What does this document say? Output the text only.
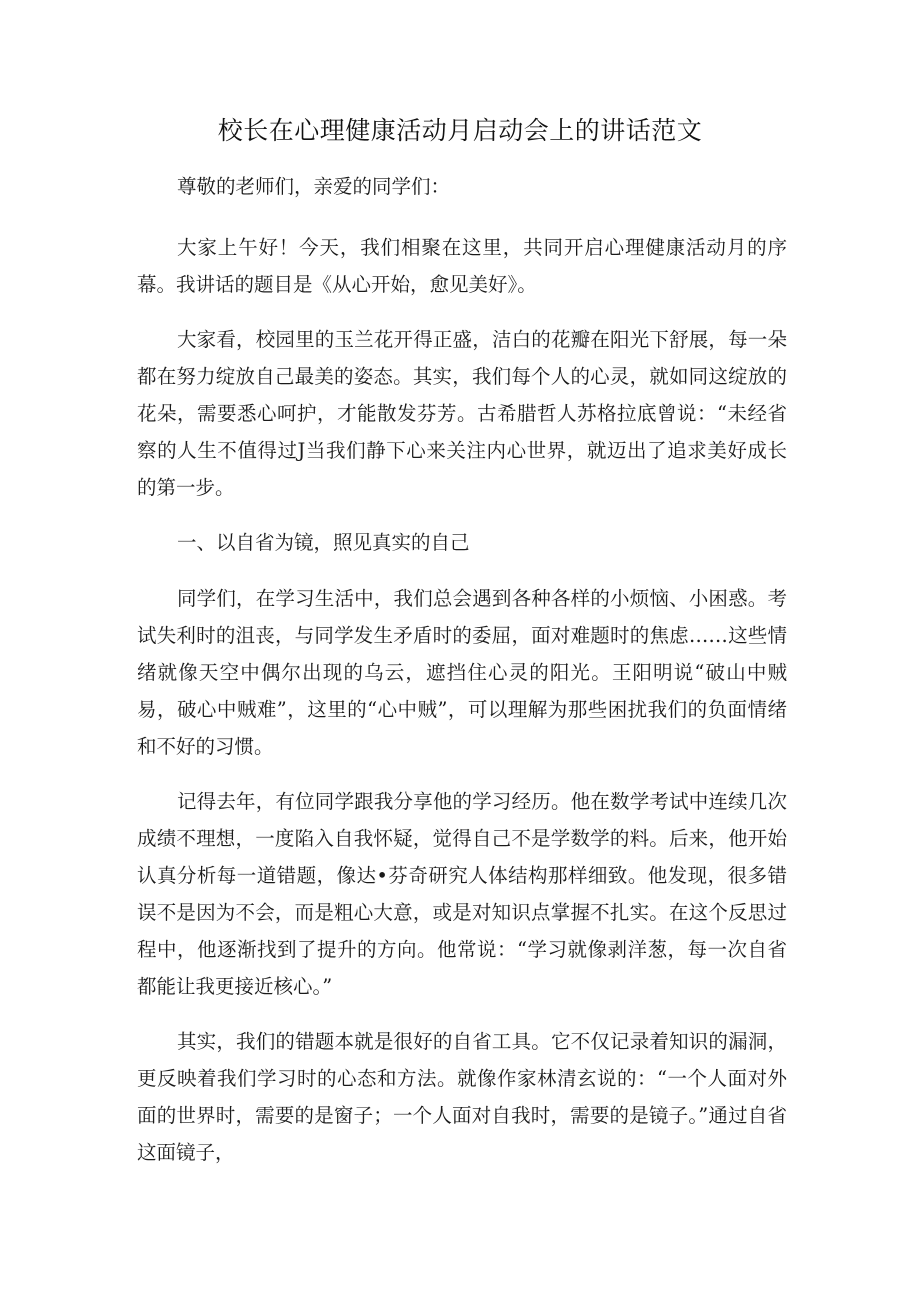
校长在心理健康活动月启动会上的讲话范文

尊敬的老师们，亲爱的同学们：

大家上午好！今天，我们相聚在这里，共同开启心理健康活动月的序幕。我讲话的题目是《从心开始，愈见美好》。

大家看，校园里的玉兰花开得正盛，洁白的花瓣在阳光下舒展，每一朵都在努力绽放自己最美的姿态。其实，我们每个人的心灵，就如同这绽放的花朵，需要悉心呵护，才能散发芬芳。古希腊哲人苏格拉底曾说：“未经省察的人生不值得过J当我们静下心来关注内心世界，就迈出了追求美好成长的第一步。

一、以自省为镜，照见真实的自己

同学们，在学习生活中，我们总会遇到各种各样的小烦恼、小困惑。考试失利时的沮丧，与同学发生矛盾时的委屈，面对难题时的焦虑……这些情绪就像天空中偶尔出现的乌云，遮挡住心灵的阳光。王阳明说“破山中贼易，破心中贼难”，这里的“心中贼”，可以理解为那些困扰我们的负面情绪和不好的习惯。

记得去年，有位同学跟我分享他的学习经历。他在数学考试中连续几次成绩不理想，一度陷入自我怀疑，觉得自己不是学数学的料。后来，他开始认真分析每一道错题，像达•芬奇研究人体结构那样细致。他发现，很多错误不是因为不会，而是粗心大意，或是对知识点掌握不扎实。在这个反思过程中，他逐渐找到了提升的方向。他常说：“学习就像剥洋葱，每一次自省都能让我更接近核心。”

其实，我们的错题本就是很好的自省工具。它不仅记录着知识的漏洞，更反映着我们学习时的心态和方法。就像作家林清玄说的：“一个人面对外面的世界时，需要的是窗子；一个人面对自我时，需要的是镜子。”通过自省这面镜子，
